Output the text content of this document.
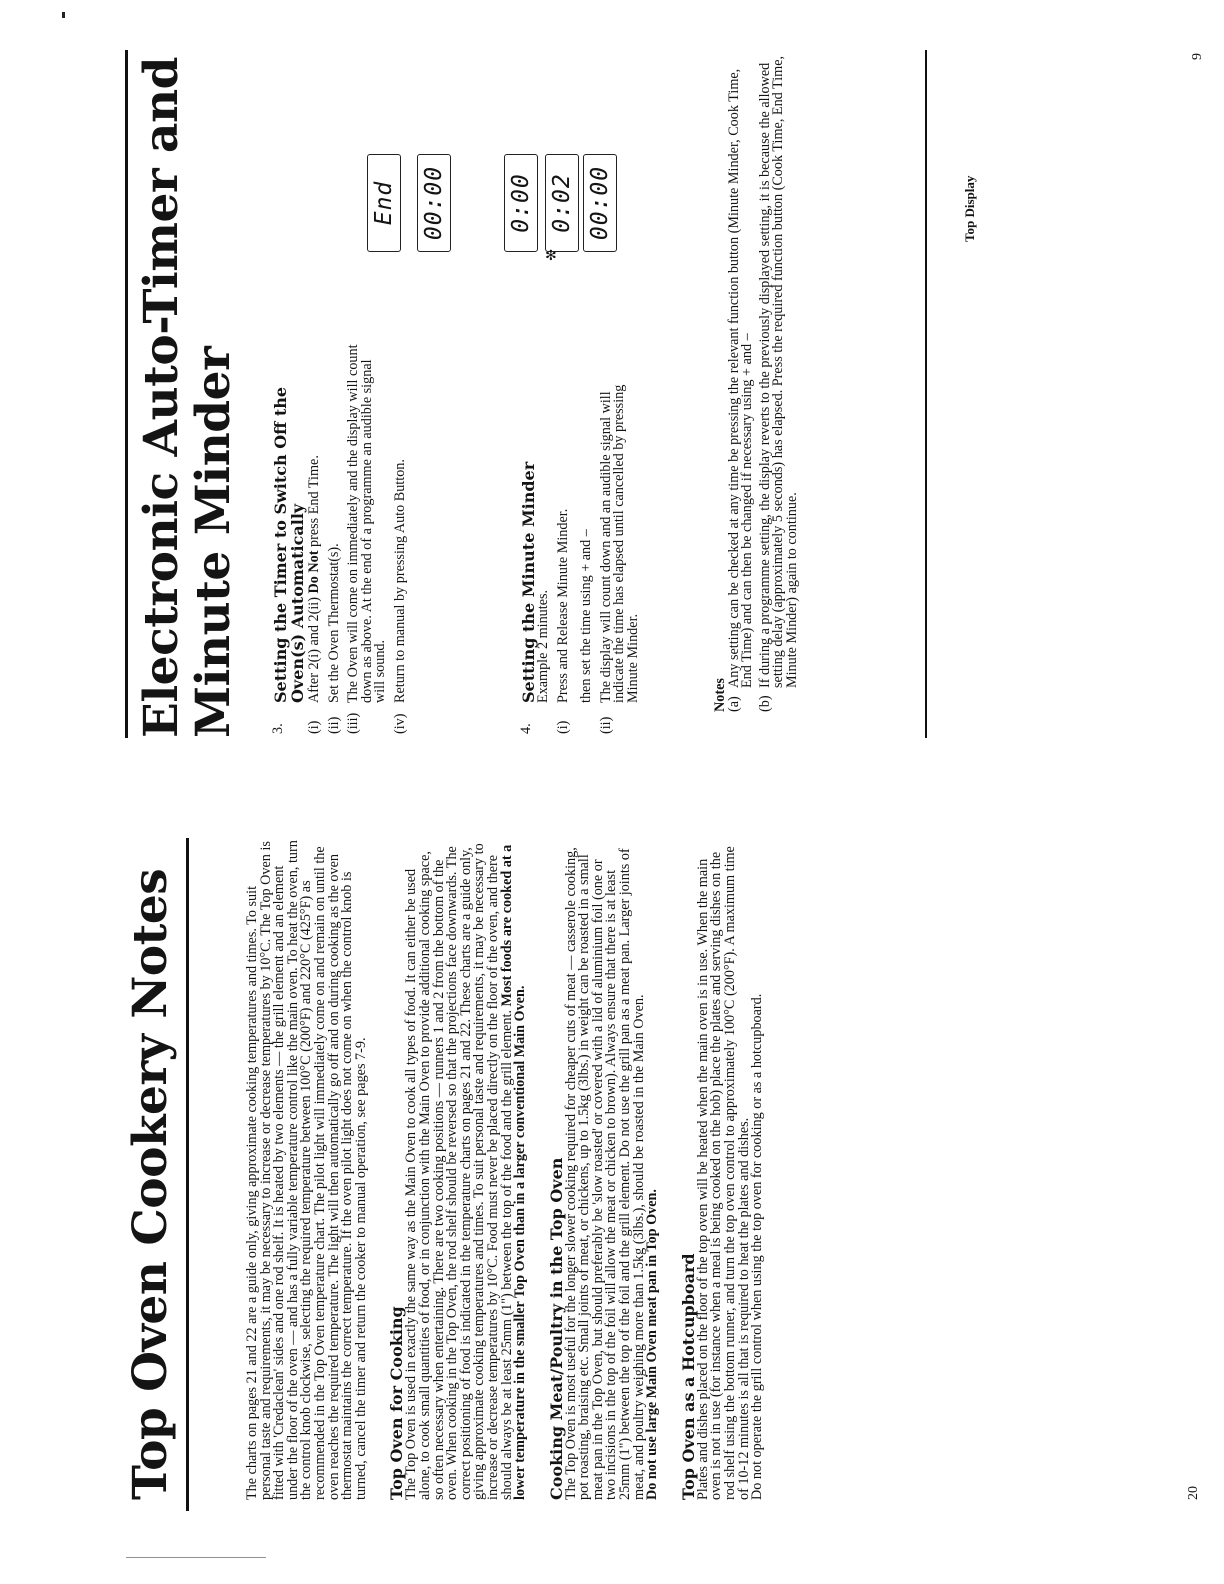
Top Oven Cookery Notes	The charts on pages 21 and 22 are a guide only, giving approximate cooking temperatures and times. To suit personal taste and requirements, it may be necessary to increase or decrease temperatures by 10°C. The Top Oven is fitted with 'Credaclean' sides and one rod shelf. It is heated by two elements — the grill element and an element under the floor of the oven — and has a fully variable temperature control like the main oven. To heat the oven, turn the control knob clockwise, selecting the required temperature between 100°C (200°F) and 220°C (425°F) as recommended in the Top Oven temperature chart. The pilot light will immediately come on and remain on until the oven reaches the required temperature. The light will then automatically go off and on during cooking as the oven thermostat maintains the correct temperature. If the oven pilot light does not come on when the control knob is turned, cancel the timer and return the cooker to manual operation, see pages 7-9. Top Oven for Cooking

The Top Oven is used in exactly the same way as the Main Oven to cook all types of food. It can either be used alone, to cook small quantities of food, or in conjunction with the Main Oven to provide additional cooking space, so often necessary when entertaining. There are two cooking positions — runners 1 and 2 from the bottom of the oven. When cooking in the Top Oven, the rod shelf should be reversed so that the projections face downwards. The correct positioning of food is indicated in the temperature charts on pages 21 and 22. These charts are a guide only, giving approximate cooking temperatures and times. To suit personal taste and requirements, it may be necessary to increase or decrease temperatures by 10°C. Food must never be placed directly on the floor of the oven, and there should always be at least 25mm (1") between the top of the food and the grill element. Most foods are cooked at a lower temperature in the smaller Top Oven than in a larger conventional Main Oven. Cooking Meat/Poultry in the Top Oven

The Top Oven is most useful for the longer slower cooking required for cheaper cuts of meat — casserole cooking, pot roasting, braising etc. Small joints of meat, or chickens, up to 1.5kg (3lbs.) in weight can be roasted in a small meat pan in the Top Oven, but should preferably be 'slow roasted' or covered with a lid of aluminium foil (one or two incisions in the top of the foil will allow the meat or chicken to brown). Always ensure that there is at least 25mm (1") between the top of the foil and the grill element. Do not use the grill pan as a meat pan. Larger joints of meat, and poultry weighing more than 1.5kg (3lbs.), should be roasted in the Main Oven.

Do not use large Main Oven meat pan in Top Oven. Top Oven as a Hotcupboard

Plates and dishes placed on the floor of the top oven will be heated when the main oven is in use. When the main oven is not in use (for instance when a meal is being cooked on the hob) place the plates and serving dishes on the rod shelf using the bottom runner, and turn the top oven control to approximately 100°C (200°F). A maximum time of 10-12 minutes is all that is required to heat the plates and dishes.

Do not operate the grill control when using the top oven for cooking or as a hotcupboard.	20
Electronic Auto-Timer and
Minute Minder 3.
Setting the Timer to Switch Off the Oven(s) Automatically
(i)
After 2(i) and 2(ii) Do Not press End Time.
(ii)
Set the Oven Thermostat(s).
(iii)
The Oven will come on immediately and the display will count down as above. At the end of a programme an audible signal will sound.
(iv)
Return to manual by pressing Auto Button.
4.
Setting the Minute Minder
Example 2 minutes.
(i)
Press and Release Minute Minder. then set the time using + and –
(ii)
The display will count down and an audible signal will indicate the time has elapsed until cancelled by pressing Minute Minder.	Notes
(a)
Any setting can be checked at any time be pressing the relevant function button (Minute Minder, Cook Time, End Time) and can then be changed if necessary using + and –
(b)
If during a programme setting, the display reverts to the previously displayed setting, it is because the allowed setting delay (approximately 5 seconds) has elapsed. Press the required function button (Cook Time, End Time, Minute Minder) again to continue.
Top Display
End 00:00	0:00 0:02
✻
00:00
9
